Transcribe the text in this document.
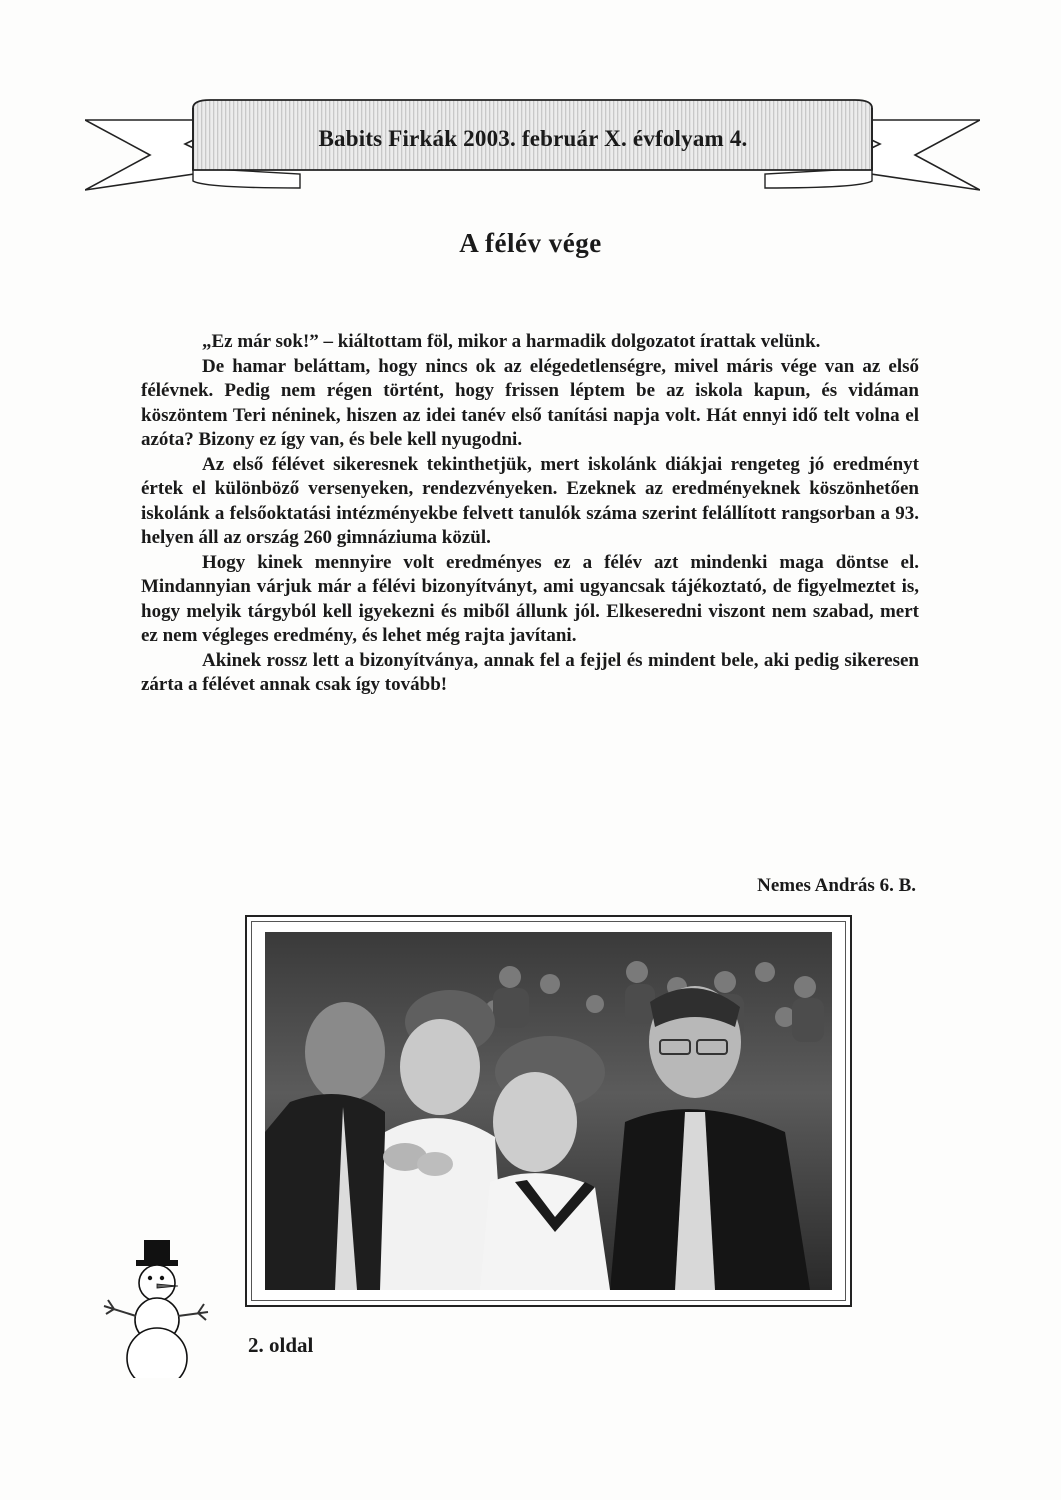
Babits Firkák 2003. február X. évfolyam 4.
A félév vége

„Ez már sok!” – kiáltottam föl, mikor a harmadik dolgozatot írattak velünk.

De hamar beláttam, hogy nincs ok az elégedetlenségre, mivel máris vége van az első félévnek. Pedig nem régen történt, hogy frissen léptem be az iskola kapun, és vidáman köszöntem Teri néninek, hiszen az idei tanév első tanítási napja volt. Hát ennyi idő telt volna el azóta? Bizony ez így van, és bele kell nyugodni.

Az első félévet sikeresnek tekinthetjük, mert iskolánk diákjai rengeteg jó eredményt értek el különböző versenyeken, rendezvényeken. Ezeknek az eredményeknek köszönhetően iskolánk a felsőoktatási intézményekbe felvett tanulók száma szerint felállított rangsorban a 93. helyen áll az ország 260 gimnáziuma közül.

Hogy kinek mennyire volt eredményes ez a félév azt mindenki maga döntse el. Mindannyian várjuk már a félévi bizonyítványt, ami ugyancsak tájékoztató, de figyelmeztet is, hogy melyik tárgyból kell igyekezni és miből állunk jól. Elkeseredni viszont nem szabad, mert ez nem végleges eredmény, és lehet még rajta javítani.

Akinek rossz lett a bizonyítványa, annak fel a fejjel és mindent bele, aki pedig sikeresen zárta a félévet annak csak így tovább!

Nemes András 6. B.
2. oldal
